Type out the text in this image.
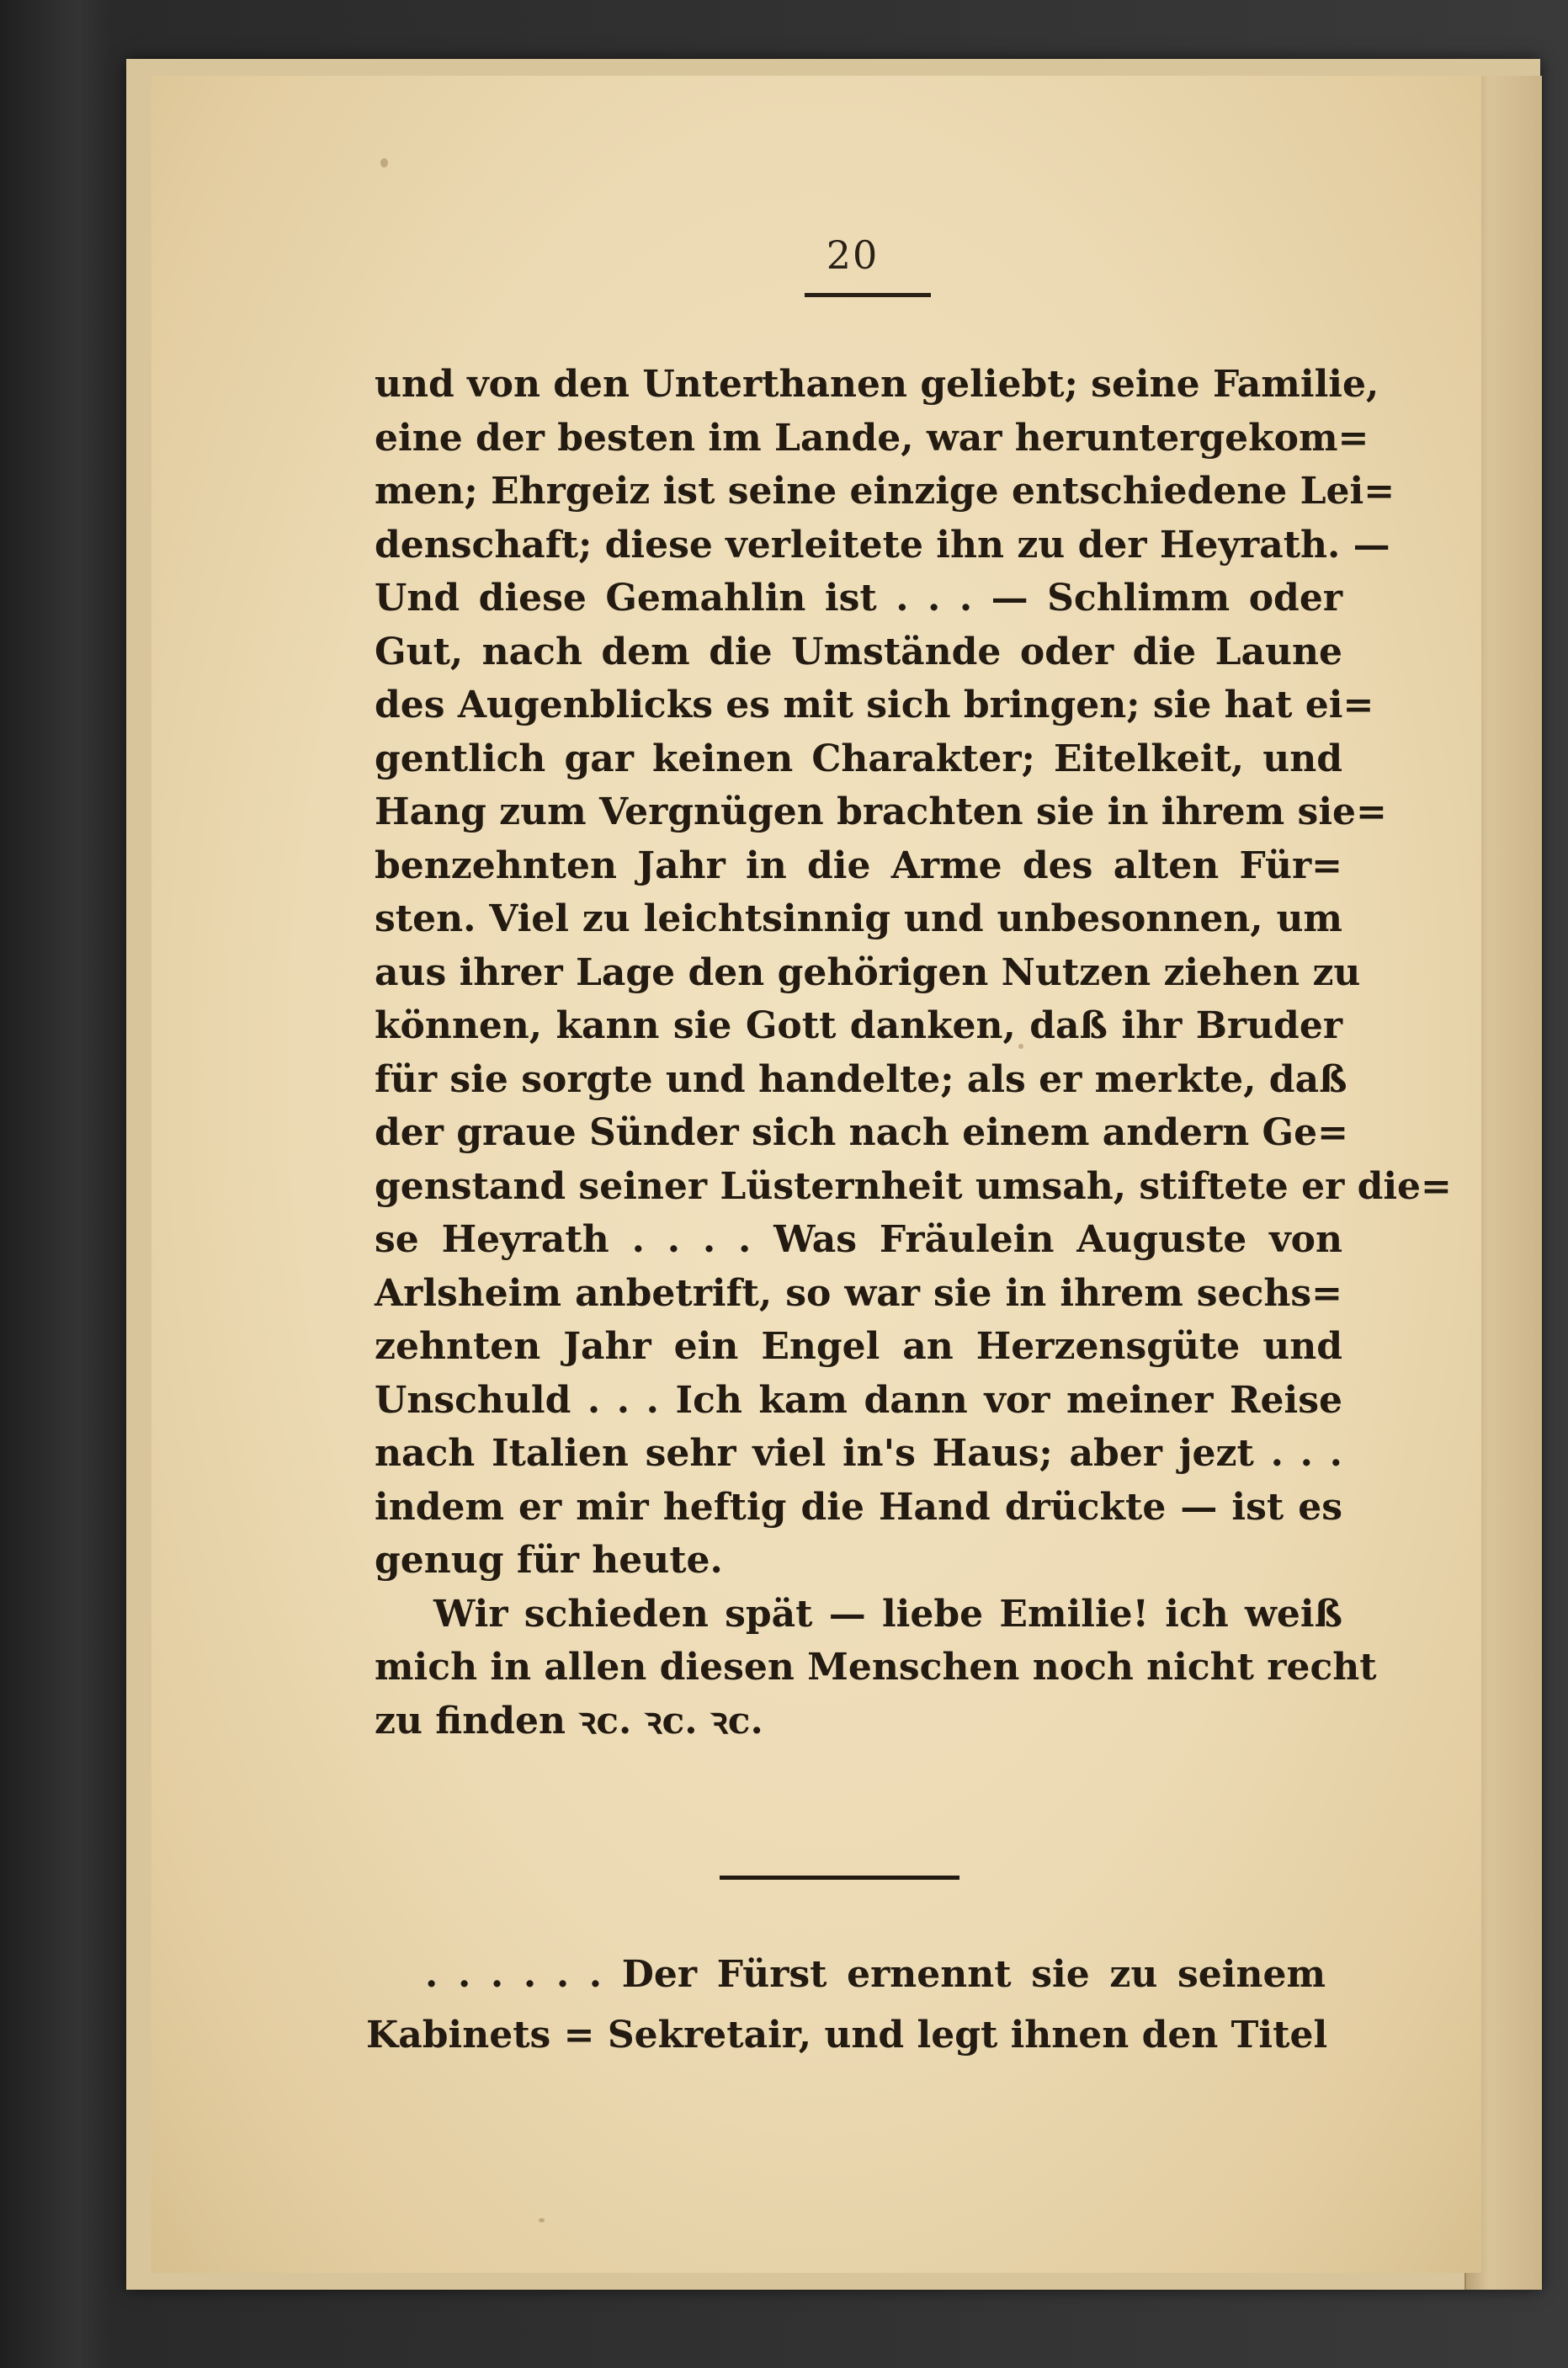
20
und von den Unterthanen geliebt; seine Familie,
eine der besten im Lande, war heruntergekom=
men; Ehrgeiz ist seine einzige entschiedene Lei=
denschaft; diese verleitete ihn zu der Heyrath. —
Und diese Gemahlin ist . . . — Schlimm oder
Gut, nach dem die Umstände oder die Laune
des Augenblicks es mit sich bringen; sie hat ei=
gentlich gar keinen Charakter; Eitelkeit, und
Hang zum Vergnügen brachten sie in ihrem sie=
benzehnten Jahr in die Arme des alten Für=
sten. Viel zu leichtsinnig und unbesonnen, um
aus ihrer Lage den gehörigen Nutzen ziehen zu
können, kann sie Gott danken, daß ihr Bruder
für sie sorgte und handelte; als er merkte, daß
der graue Sünder sich nach einem andern Ge=
genstand seiner Lüsternheit umsah, stiftete er die=
se Heyrath . . . . Was Fräulein Auguste von
Arlsheim anbetrift, so war sie in ihrem sechs=
zehnten Jahr ein Engel an Herzensgüte und
Unschuld . . . Ich kam dann vor meiner Reise
nach Italien sehr viel in's Haus; aber jezt . . .
indem er mir heftig die Hand drückte — ist es
genug für heute.
Wir schieden spät — liebe Emilie! ich weiß
mich in allen diesen Menschen noch nicht recht
zu finden ꝛc. ꝛc. ꝛc.
. . . . . . Der Fürst ernennt sie zu seinem
Kabinets = Sekretair, und legt ihnen den Titel
